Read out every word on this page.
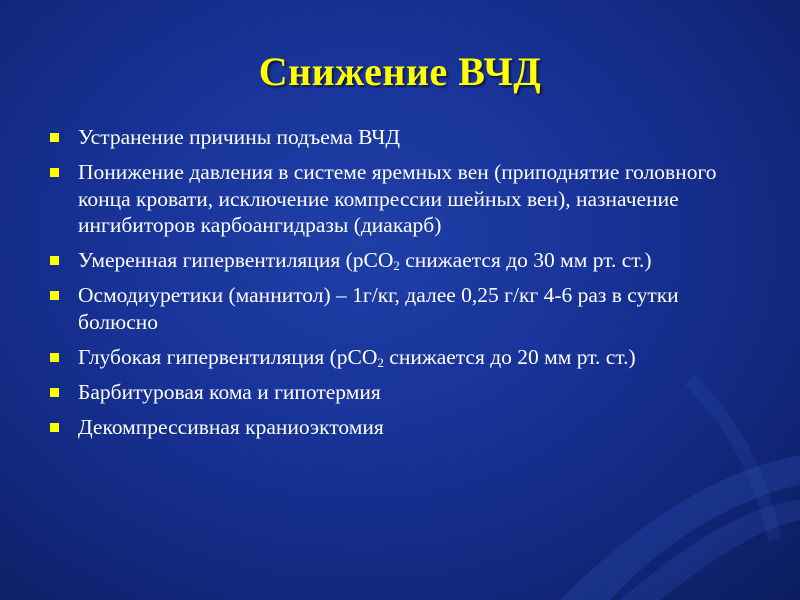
Снижение ВЧД
Устранение причины подъема ВЧД
Понижение давления в системе яремных вен (приподнятие головного конца кровати, исключение компрессии шейных вен), назначение ингибиторов карбоангидразы (диакарб)
Умеренная гипервентиляция (pCO$_2$ снижается до 30 мм рт. ст.)
Осмодиуретики (маннитол) – 1г/кг, далее 0,25 г/кг 4-6 раз в сутки болюсно
Глубокая гипервентиляция (pCO$_2$ снижается до 20 мм рт. ст.)
Барбитуровая кома и гипотермия
Декомпрессивная краниоэктомия
